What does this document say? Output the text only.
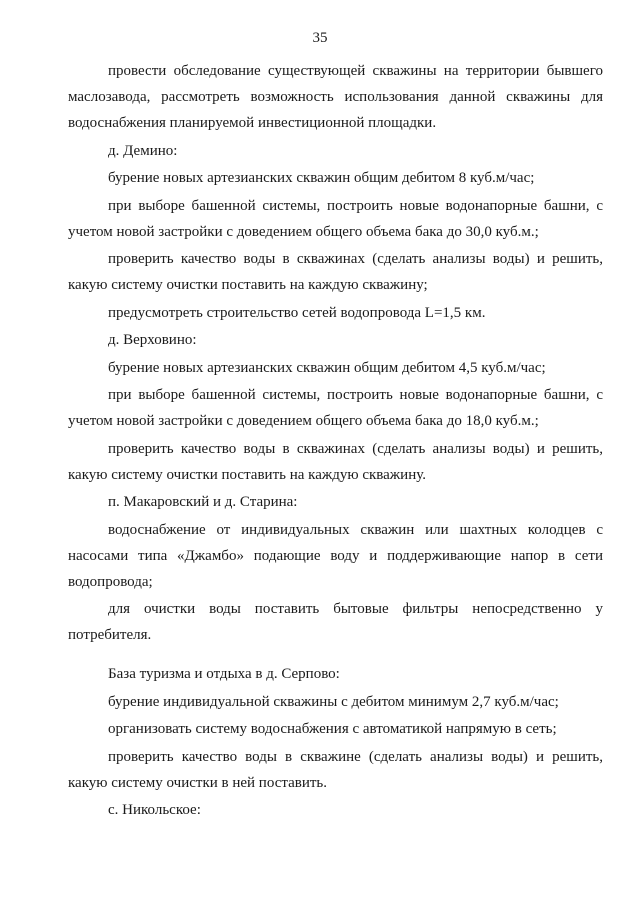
35

провести обследование существующей скважины на территории бывшего маслозавода, рассмотреть возможность использования данной скважины для водоснабжения планируемой инвестиционной площадки.

д. Демино:

бурение новых артезианских скважин общим дебитом 8 куб.м/час;

при выборе башенной системы, построить новые водонапорные башни, с учетом новой застройки с доведением общего объема бака до 30,0 куб.м.;

проверить качество воды в скважинах (сделать анализы воды) и решить, какую систему очистки поставить на каждую скважину;

предусмотреть строительство сетей водопровода L=1,5 км.

д. Верховино:

бурение новых артезианских скважин общим дебитом 4,5 куб.м/час;

при выборе башенной системы, построить новые водонапорные башни, с учетом новой застройки с доведением общего объема бака до 18,0 куб.м.;

проверить качество воды в скважинах (сделать анализы воды) и решить, какую систему очистки поставить на каждую скважину.

п. Макаровский и д. Старина:

водоснабжение от индивидуальных скважин или шахтных колодцев с насосами типа «Джамбо» подающие воду и поддерживающие напор в сети водопровода;

для очистки воды поставить бытовые фильтры непосредственно у потребителя.

База туризма и отдыха в д. Серпово:

бурение индивидуальной скважины с дебитом минимум 2,7 куб.м/час;

организовать систему водоснабжения с автоматикой напрямую в сеть;

проверить качество воды в скважине (сделать анализы воды) и решить, какую систему очистки в ней поставить.

с. Никольское:
